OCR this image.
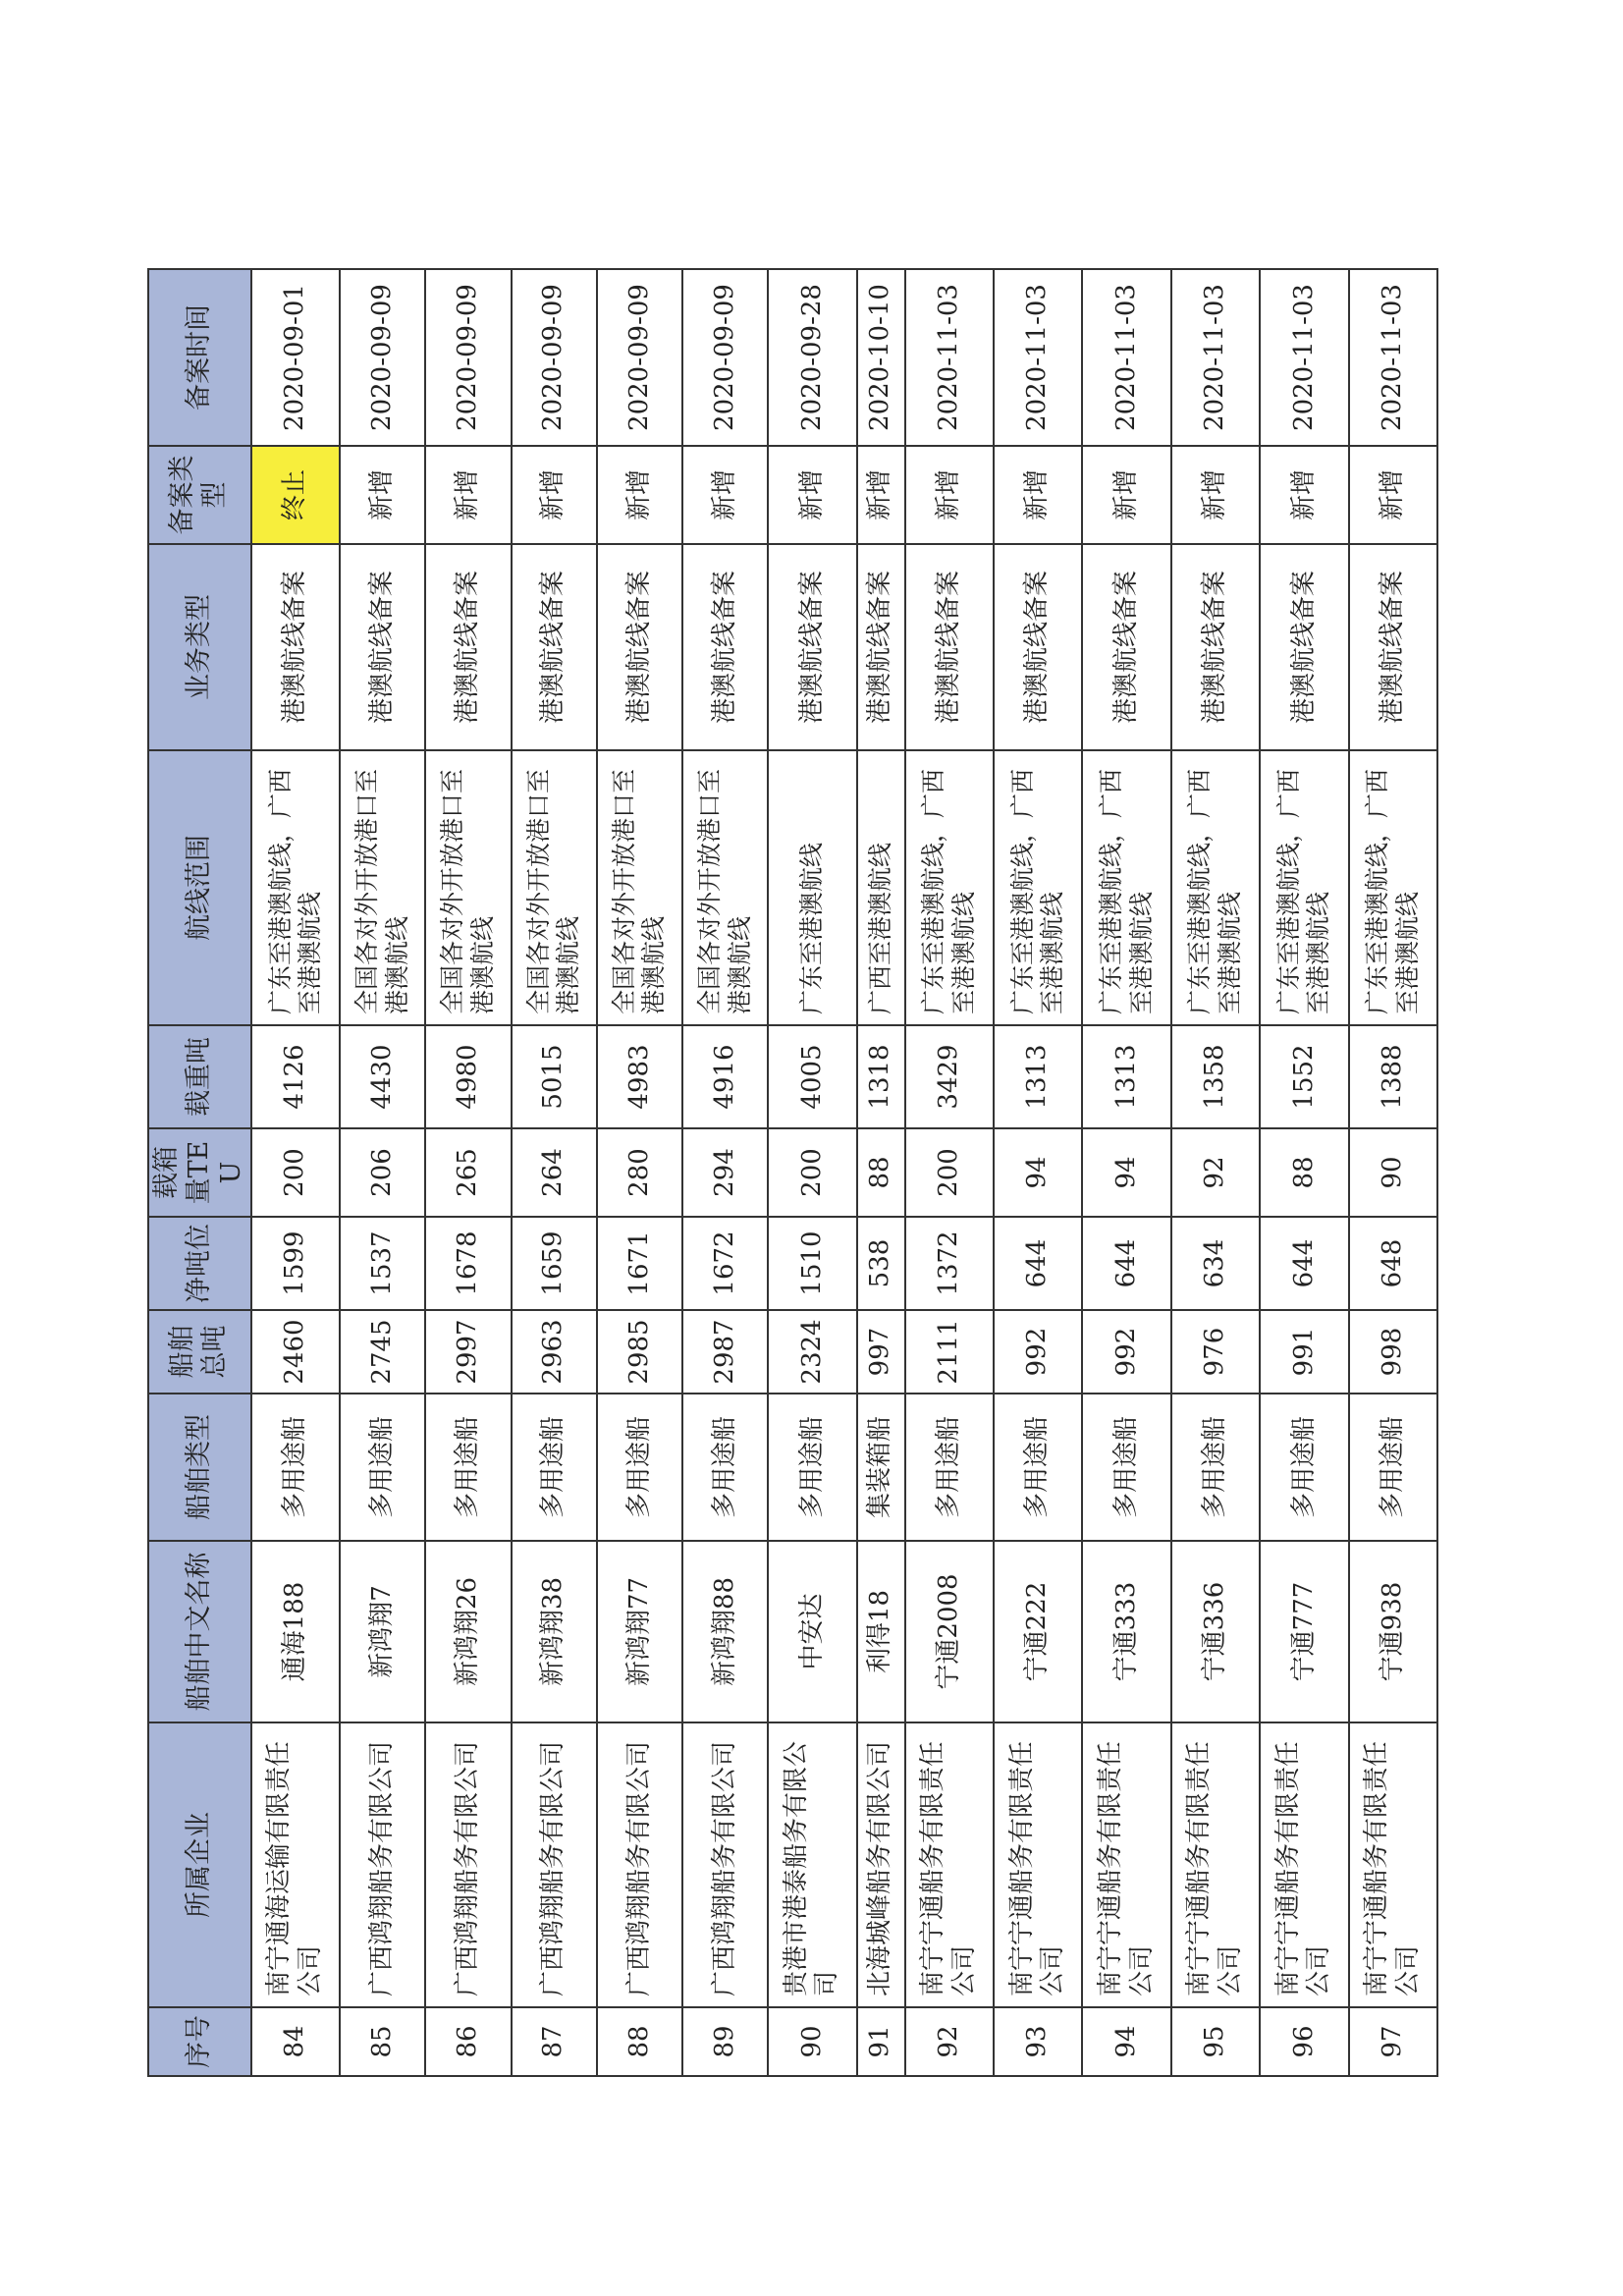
序号	所属企业	船舶中文名称	船舶类型	船舶总吨	净吨位	载箱量TEU	载重吨	航线范围	业务类型	备案类型	备案时间
84	南宁通海运输有限责任公司	通海188	多用途船	2460	1599	200	4126	广东至港澳航线，广西至港澳航线	港澳航线备案	终止	2020-09-01
85	广西鸿翔船务有限公司	新鸿翔7	多用途船	2745	1537	206	4430	全国各对外开放港口至港澳航线	港澳航线备案	新增	2020-09-09
86	广西鸿翔船务有限公司	新鸿翔26	多用途船	2997	1678	265	4980	全国各对外开放港口至港澳航线	港澳航线备案	新增	2020-09-09
87	广西鸿翔船务有限公司	新鸿翔38	多用途船	2963	1659	264	5015	全国各对外开放港口至港澳航线	港澳航线备案	新增	2020-09-09
88	广西鸿翔船务有限公司	新鸿翔77	多用途船	2985	1671	280	4983	全国各对外开放港口至港澳航线	港澳航线备案	新增	2020-09-09
89	广西鸿翔船务有限公司	新鸿翔88	多用途船	2987	1672	294	4916	全国各对外开放港口至港澳航线	港澳航线备案	新增	2020-09-09
90	贵港市港泰船务有限公司	中安达	多用途船	2324	1510	200	4005	广东至港澳航线	港澳航线备案	新增	2020-09-28
91	北海城峰船务有限公司	利得18	集装箱船	997	538	88	1318	广西至港澳航线	港澳航线备案	新增	2020-10-10
92	南宁宁通船务有限责任公司	宁通2008	多用途船	2111	1372	200	3429	广东至港澳航线，广西至港澳航线	港澳航线备案	新增	2020-11-03
93	南宁宁通船务有限责任公司	宁通222	多用途船	992	644	94	1313	广东至港澳航线，广西至港澳航线	港澳航线备案	新增	2020-11-03
94	南宁宁通船务有限责任公司	宁通333	多用途船	992	644	94	1313	广东至港澳航线，广西至港澳航线	港澳航线备案	新增	2020-11-03
95	南宁宁通船务有限责任公司	宁通336	多用途船	976	634	92	1358	广东至港澳航线，广西至港澳航线	港澳航线备案	新增	2020-11-03
96	南宁宁通船务有限责任公司	宁通777	多用途船	991	644	88	1552	广东至港澳航线，广西至港澳航线	港澳航线备案	新增	2020-11-03
97	南宁宁通船务有限责任公司	宁通938	多用途船	998	648	90	1388	广东至港澳航线，广西至港澳航线	港澳航线备案	新增	2020-11-03
